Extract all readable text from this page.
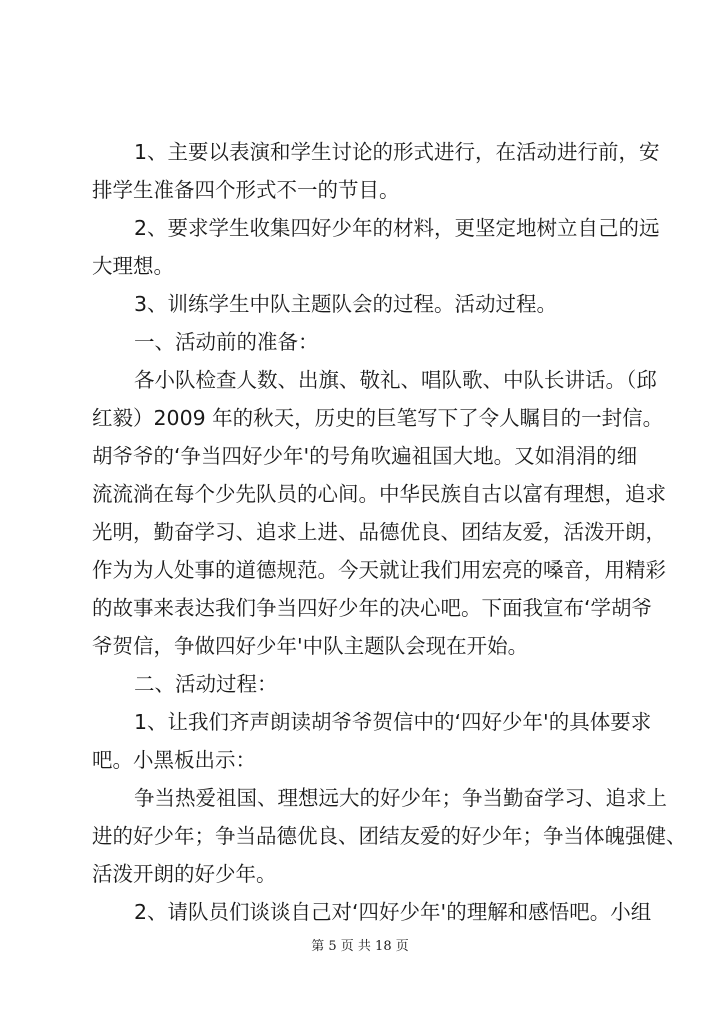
1、主要以表演和学生讨论的形式进行，在活动进行前，安
排学生准备四个形式不一的节目。
2、要求学生收集四好少年的材料，更坚定地树立自己的远
大理想。
3、训练学生中队主题队会的过程。活动过程。
一、活动前的准备：
各小队检查人数、出旗、敬礼、唱队歌、中队长讲话。（邱
红毅）2009 年的秋天，历史的巨笔写下了令人瞩目的一封信。
胡爷爷的‘争当四好少年'的号角吹遍祖国大地。又如涓涓的细
流流淌在每个少先队员的心间。中华民族自古以富有理想，追求
光明，勤奋学习、追求上进、品德优良、团结友爱，活泼开朗，
作为为人处事的道德规范。今天就让我们用宏亮的嗓音，用精彩
的故事来表达我们争当四好少年的决心吧。下面我宣布‘学胡爷
爷贺信，争做四好少年'中队主题队会现在开始。
二、活动过程：
1、让我们齐声朗读胡爷爷贺信中的‘四好少年'的具体要求
吧。小黑板出示：
争当热爱祖国、理想远大的好少年；争当勤奋学习、追求上
进的好少年；争当品德优良、团结友爱的好少年；争当体魄强健、
活泼开朗的好少年。
2、请队员们谈谈自己对‘四好少年'的理解和感悟吧。小组
第 5 页 共 18 页
